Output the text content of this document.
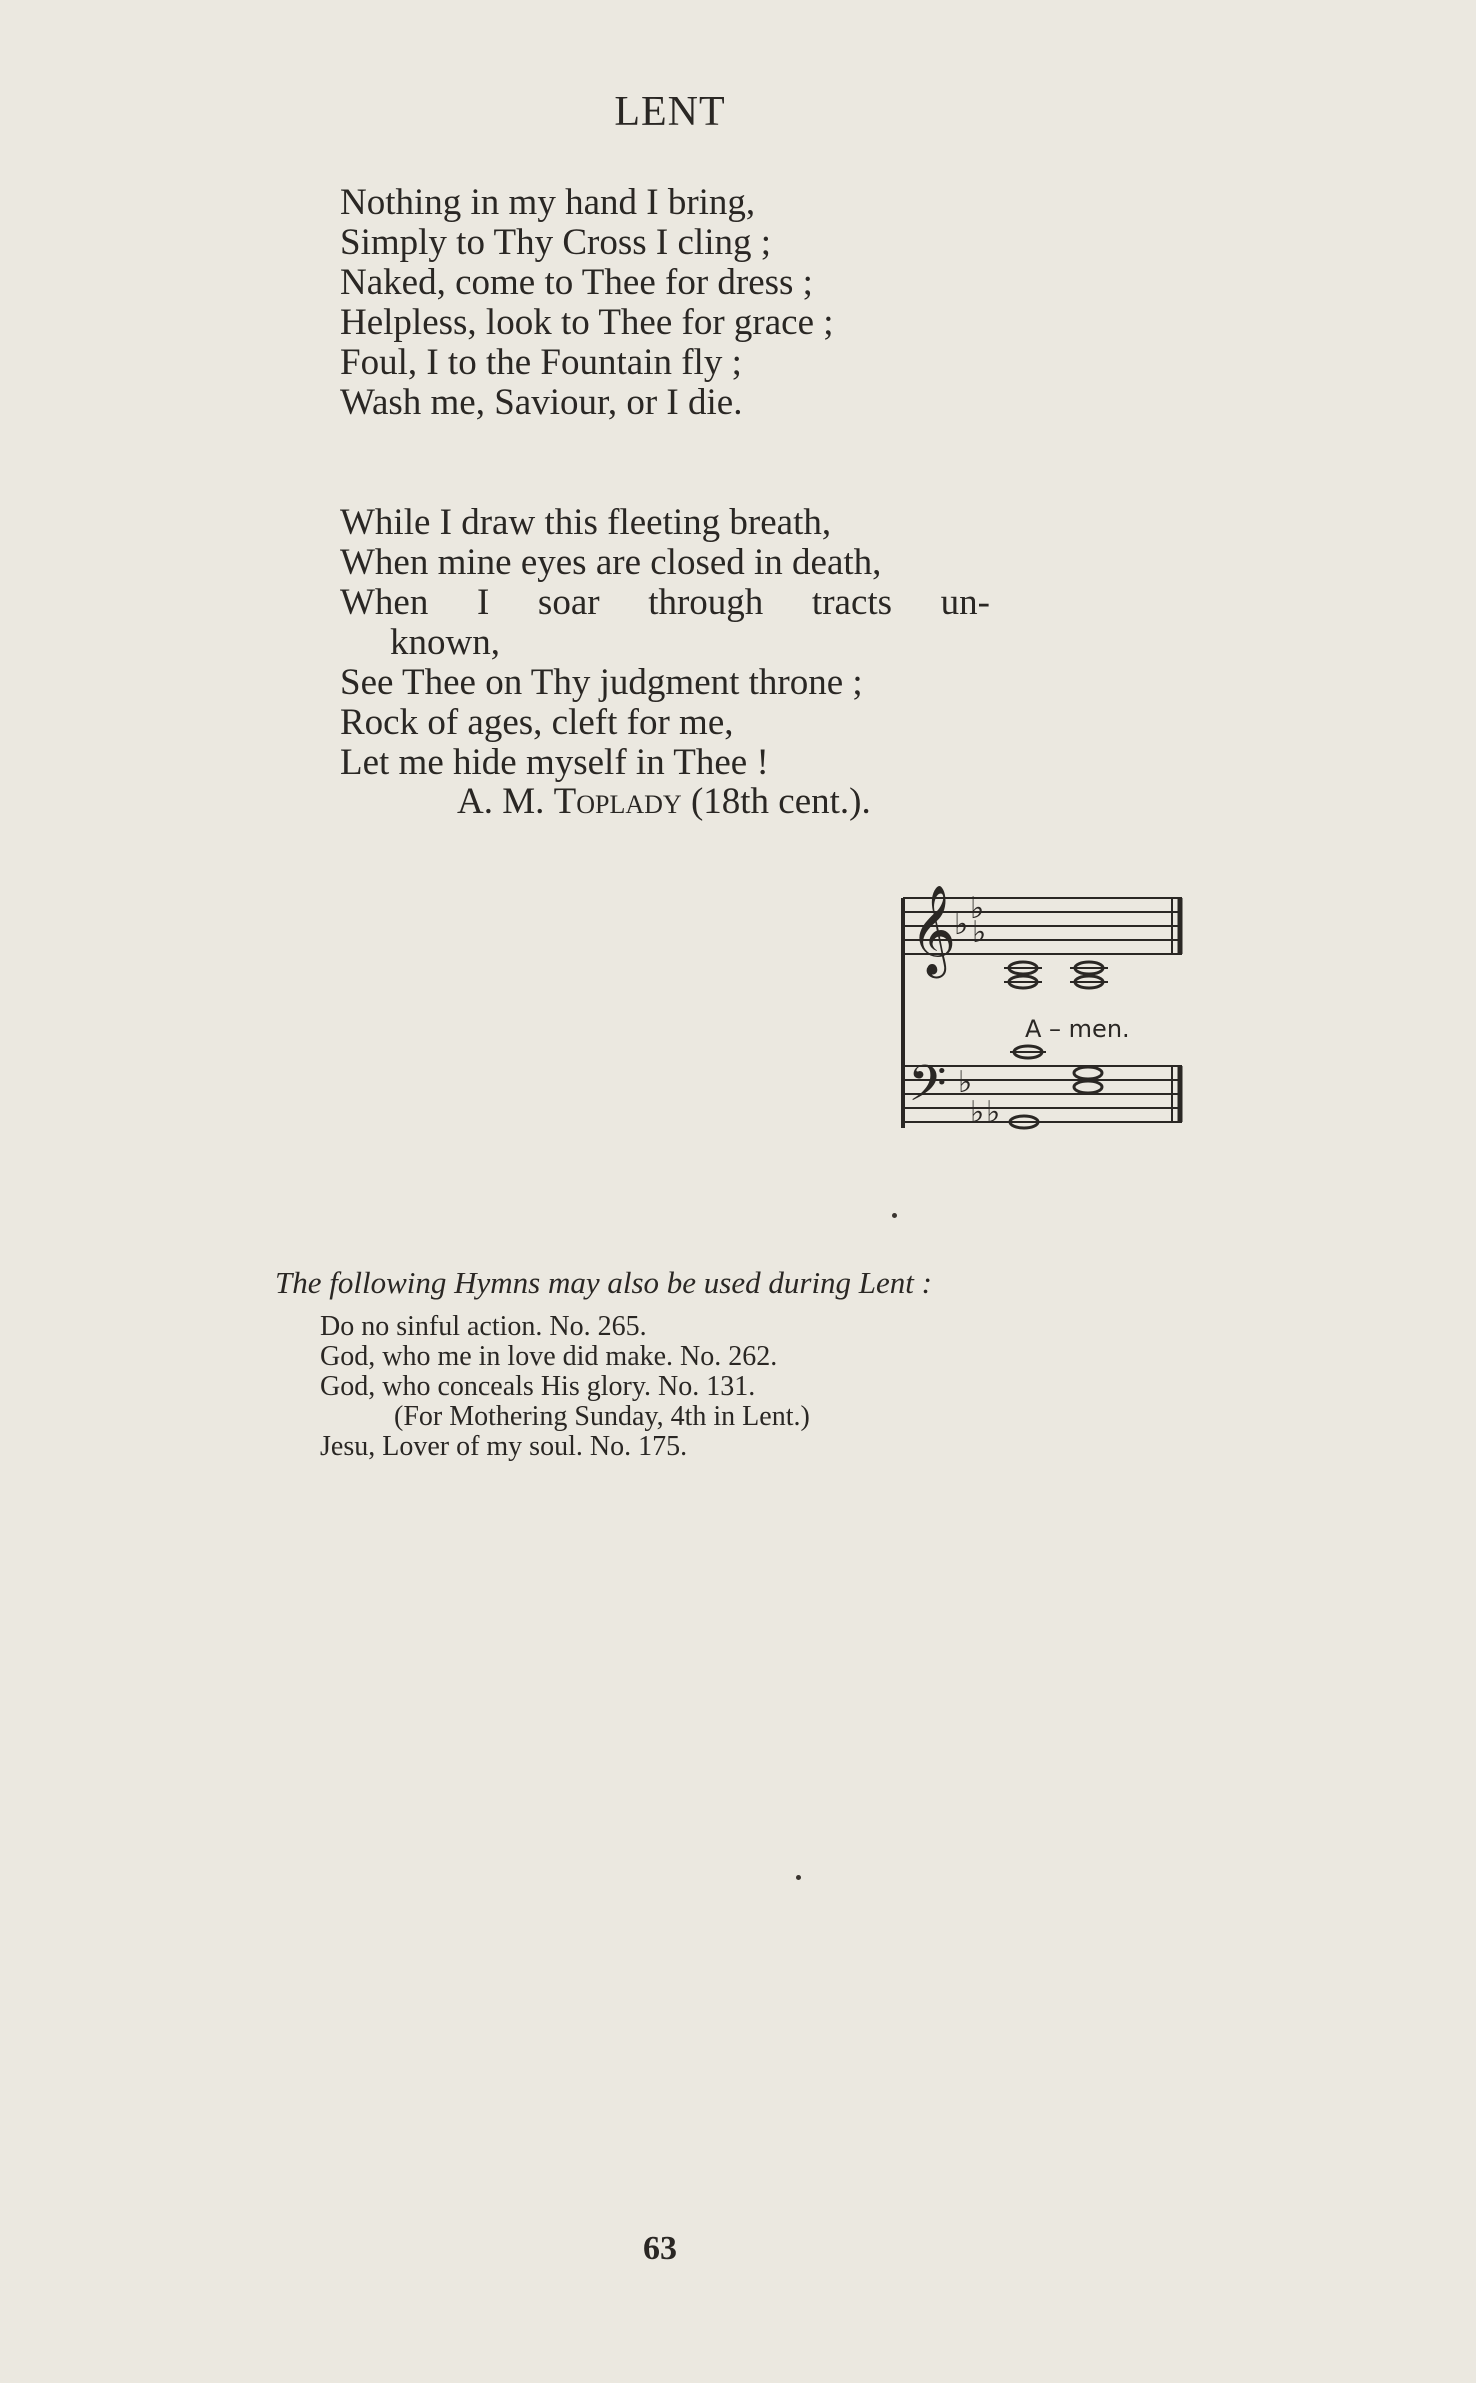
LENT
Nothing in my hand I bring,
Simply to Thy Cross I cling ;
Naked, come to Thee for dress ;
Helpless, look to Thee for grace ;
Foul, I to the Fountain fly ;
Wash me, Saviour, or I die.
While I draw this fleeting breath,
When mine eyes are closed in death,
When I soar through tracts un-
known,
See Thee on Thy judgment throne ;
Rock of ages, cleft for me,
Let me hide myself in Thee !
A. M. Toplady (18th cent.).
𝄞
𝄢
♭
♭ ♭
♭
♭ ♭
A – men.
The following Hymns may also be used during Lent :
Do no sinful action. No. 265.
God, who me in love did make. No. 262.
God, who conceals His glory. No. 131.
(For Mothering Sunday, 4th in Lent.)
Jesu, Lover of my soul. No. 175.
63
